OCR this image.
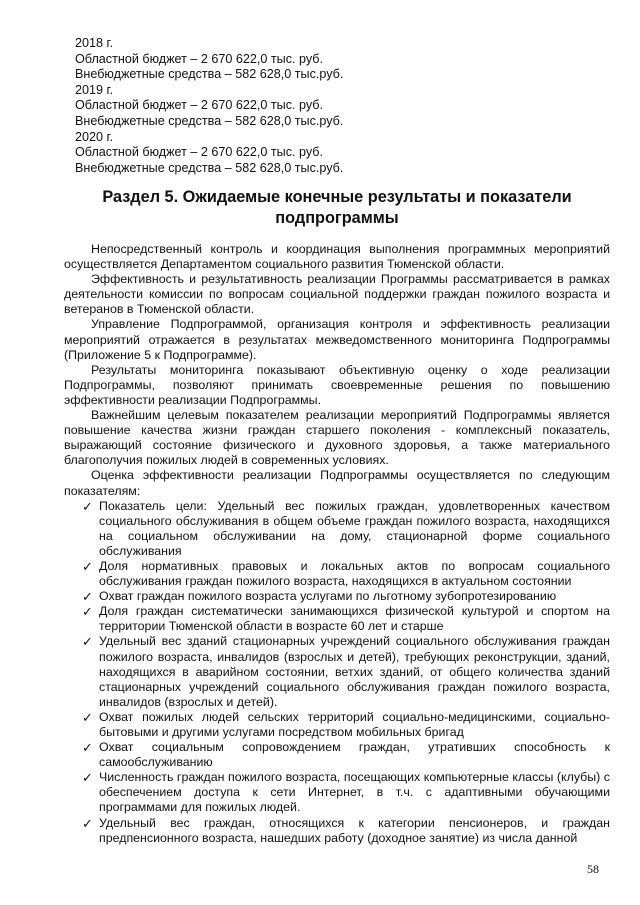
2018 г.
Областной бюджет – 2 670 622,0 тыс. руб.
Внебюджетные средства – 582 628,0 тыс.руб.
2019 г.
Областной бюджет – 2 670 622,0 тыс. руб.
Внебюджетные средства – 582 628,0 тыс.руб.
2020 г.
Областной бюджет – 2 670 622,0 тыс. руб.
Внебюджетные средства – 582 628,0 тыс.руб.
Раздел 5. Ожидаемые конечные результаты и показатели подпрограммы

Непосредственный контроль и координация выполнения программных мероприятий осуществляется Департаментом социального развития Тюменской области.

Эффективность и результативность реализации Программы рассматривается в рамках деятельности комиссии по вопросам социальной поддержки граждан пожилого возраста и ветеранов в Тюменской области.

Управление Подпрограммой, организация контроля и эффективность реализации мероприятий отражается в результатах межведомственного мониторинга Подпрограммы (Приложение 5 к Подпрограмме).

Результаты мониторинга показывают объективную оценку о ходе реализации Подпрограммы, позволяют принимать своевременные решения по повышению эффективности реализации Подпрограммы.

Важнейшим целевым показателем реализации мероприятий Подпрограммы является повышение качества жизни граждан старшего поколения - комплексный показатель, выражающий состояние физического и духовного здоровья, а также материального благополучия пожилых людей в современных условиях.

Оценка эффективности реализации Подпрограммы осуществляется по следующим показателям:

✓ Показатель цели: Удельный вес пожилых граждан, удовлетворенных качеством социального обслуживания в общем объеме граждан пожилого возраста, находящихся на социальном обслуживании на дому, стационарной форме социального обслуживания
✓ Доля нормативных правовых и локальных актов по вопросам социального обслуживания граждан пожилого возраста, находящихся в актуальном состоянии
✓ Охват граждан пожилого возраста услугами по льготному зубопротезированию
✓ Доля граждан систематически занимающихся физической культурой и спортом на территории Тюменской области в возрасте 60 лет и старше
✓ Удельный вес зданий стационарных учреждений социального обслуживания граждан пожилого возраста, инвалидов (взрослых и детей), требующих реконструкции, зданий, находящихся в аварийном состоянии, ветхих зданий, от общего количества зданий стационарных учреждений социального обслуживания граждан пожилого возраста, инвалидов (взрослых и детей).
✓ Охват пожилых людей сельских территорий социально-медицинскими, социально-бытовыми и другими услугами посредством мобильных бригад
✓ Охват социальным сопровождением граждан, утративших способность к самообслуживанию
✓ Численность граждан пожилого возраста, посещающих компьютерные классы (клубы) с обеспечением доступа к сети Интернет, в т.ч. с адаптивными обучающими программами для пожилых людей.
✓ Удельный вес граждан, относящихся к категории пенсионеров, и граждан предпенсионного возраста, нашедших работу (доходное занятие) из числа данной
58
